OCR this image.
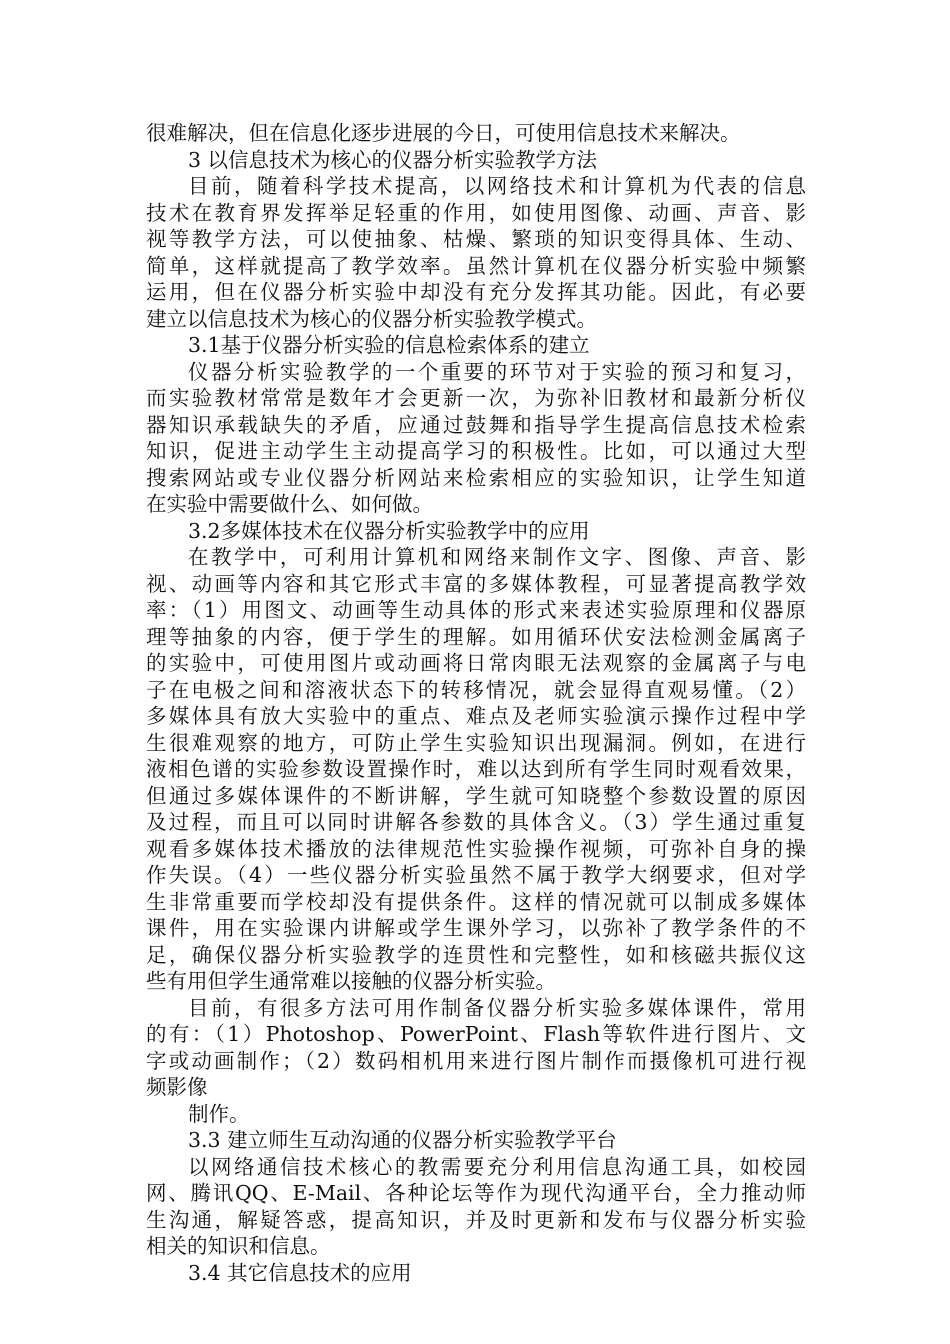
很难解决，但在信息化逐步进展的今日，可使用信息技术来解决。
3 以信息技术为核心的仪器分析实验教学方法
目前，随着科学技术提高，以网络技术和计算机为代表的信息
技术在教育界发挥举足轻重的作用，如使用图像、动画、声音、影
视等教学方法，可以使抽象、枯燥、繁琐的知识变得具体、生动、
简单，这样就提高了教学效率。虽然计算机在仪器分析实验中频繁
运用，但在仪器分析实验中却没有充分发挥其功能。因此，有必要
建立以信息技术为核心的仪器分析实验教学模式。
3.1基于仪器分析实验的信息检索体系的建立
仪器分析实验教学的一个重要的环节对于实验的预习和复习，
而实验教材常常是数年才会更新一次，为弥补旧教材和最新分析仪
器知识承载缺失的矛盾，应通过鼓舞和指导学生提高信息技术检索
知识，促进主动学生主动提高学习的积极性。比如，可以通过大型
搜索网站或专业仪器分析网站来检索相应的实验知识，让学生知道
在实验中需要做什么、如何做。
3.2多媒体技术在仪器分析实验教学中的应用
在教学中，可利用计算机和网络来制作文字、图像、声音、影
视、动画等内容和其它形式丰富的多媒体教程，可显著提高教学效
率：（1）用图文、动画等生动具体的形式来表述实验原理和仪器原
理等抽象的内容，便于学生的理解。如用循环伏安法检测金属离子
的实验中，可使用图片或动画将日常肉眼无法观察的金属离子与电
子在电极之间和溶液状态下的转移情况，就会显得直观易懂。（2）
多媒体具有放大实验中的重点、难点及老师实验演示操作过程中学
生很难观察的地方，可防止学生实验知识出现漏洞。例如，在进行
液相色谱的实验参数设置操作时，难以达到所有学生同时观看效果，
但通过多媒体课件的不断讲解，学生就可知晓整个参数设置的原因
及过程，而且可以同时讲解各参数的具体含义。（3）学生通过重复
观看多媒体技术播放的法律规范性实验操作视频，可弥补自身的操
作失误。（4）一些仪器分析实验虽然不属于教学大纲要求，但对学
生非常重要而学校却没有提供条件。这样的情况就可以制成多媒体
课件，用在实验课内讲解或学生课外学习，以弥补了教学条件的不
足，确保仪器分析实验教学的连贯性和完整性，如和核磁共振仪这
些有用但学生通常难以接触的仪器分析实验。
目前，有很多方法可用作制备仪器分析实验多媒体课件，常用
的有：（1）Photoshop、PowerPoint、Flash等软件进行图片、文
字或动画制作；（2）数码相机用来进行图片制作而摄像机可进行视
频影像
制作。
3.3 建立师生互动沟通的仪器分析实验教学平台
以网络通信技术核心的教需要充分利用信息沟通工具，如校园
网、腾讯QQ、E-Mail、各种论坛等作为现代沟通平台，全力推动师
生沟通，解疑答惑，提高知识，并及时更新和发布与仪器分析实验
相关的知识和信息。
3.4 其它信息技术的应用
